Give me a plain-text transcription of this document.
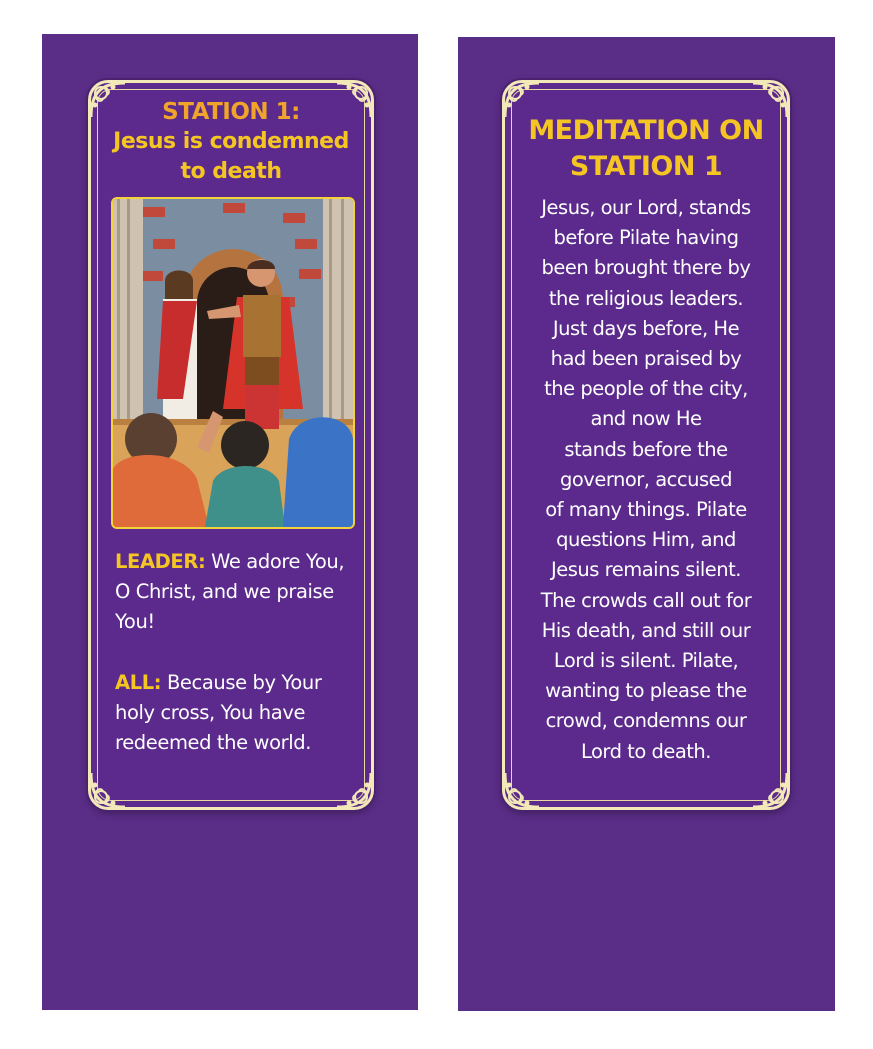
STATION 1:
Jesus is condemned to death
LEADER: We adore You, O Christ, and we praise You!
ALL: Because by Your holy cross, You have redeemed the world.
MEDITATION ON STATION 1
Jesus, our Lord, stands
before Pilate having
been brought there by
the religious leaders.
Just days before, He
had been praised by
the people of the city,
and now He
stands before the
governor, accused
of many things. Pilate
questions Him, and
Jesus remains silent.
The crowds call out for
His death, and still our
Lord is silent. Pilate,
wanting to please the
crowd, condemns our
Lord to death.
